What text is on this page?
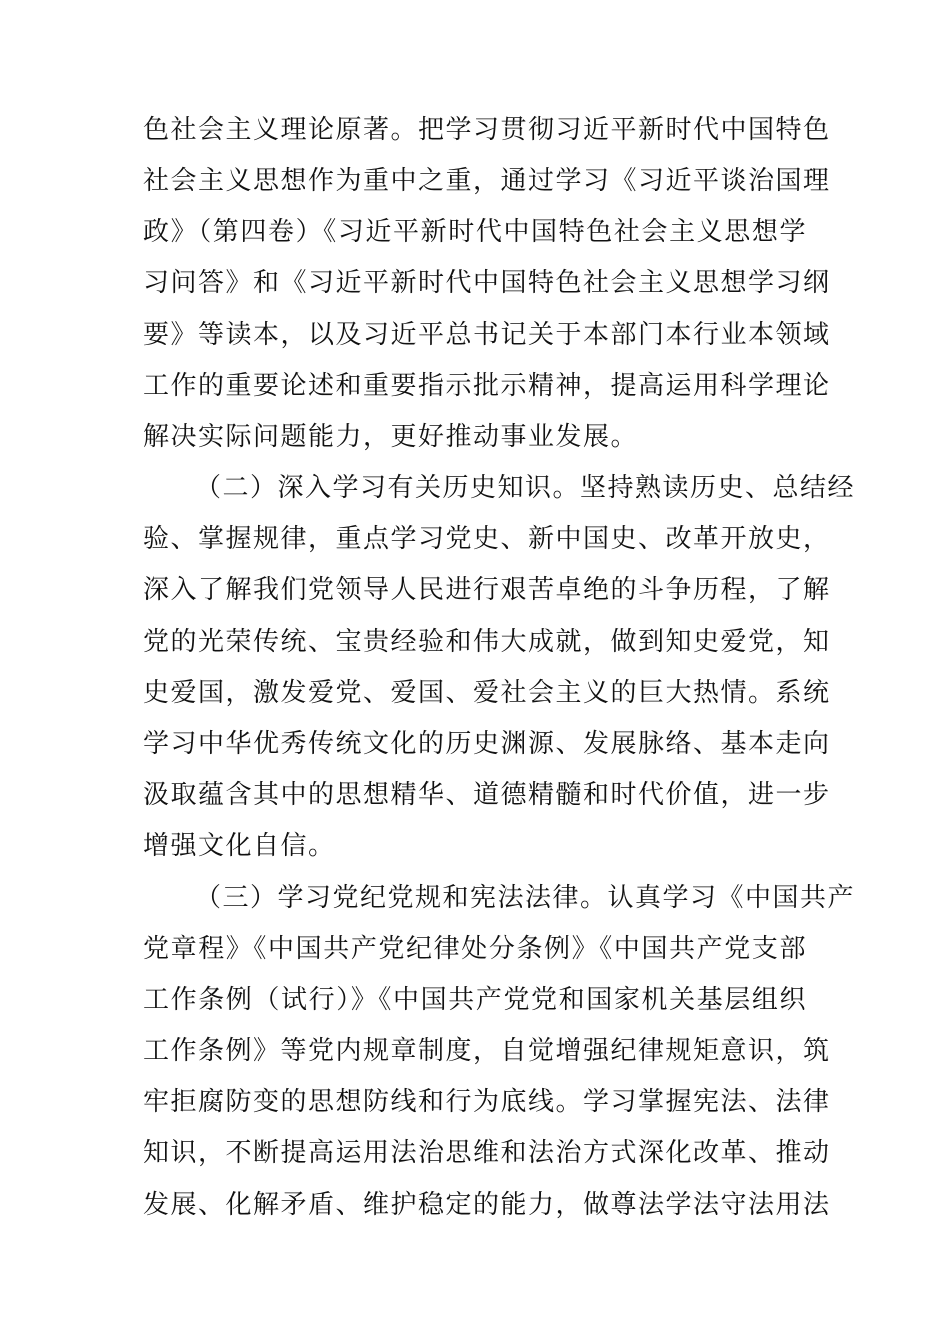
色社会主义理论原著。把学习贯彻习近平新时代中国特色
社会主义思想作为重中之重，通过学习《习近平谈治国理
政》（第四卷）《习近平新时代中国特色社会主义思想学
习问答》和《习近平新时代中国特色社会主义思想学习纲
要》等读本，以及习近平总书记关于本部门本行业本领域
工作的重要论述和重要指示批示精神，提高运用科学理论
解决实际问题能力，更好推动事业发展。
（二）深入学习有关历史知识。坚持熟读历史、总结经
验、掌握规律，重点学习党史、新中国史、改革开放史，
深入了解我们党领导人民进行艰苦卓绝的斗争历程，了解
党的光荣传统、宝贵经验和伟大成就，做到知史爱党，知
史爱国，激发爱党、爱国、爱社会主义的巨大热情。系统
学习中华优秀传统文化的历史渊源、发展脉络、基本走向
汲取蕴含其中的思想精华、道德精髓和时代价值，进一步
增强文化自信。
（三）学习党纪党规和宪法法律。认真学习《中国共产
党章程》《中国共产党纪律处分条例》《中国共产党支部
工作条例（试行）》《中国共产党党和国家机关基层组织
工作条例》等党内规章制度，自觉增强纪律规矩意识，筑
牢拒腐防变的思想防线和行为底线。学习掌握宪法、法律
知识，不断提高运用法治思维和法治方式深化改革、推动
发展、化解矛盾、维护稳定的能力，做尊法学法守法用法
